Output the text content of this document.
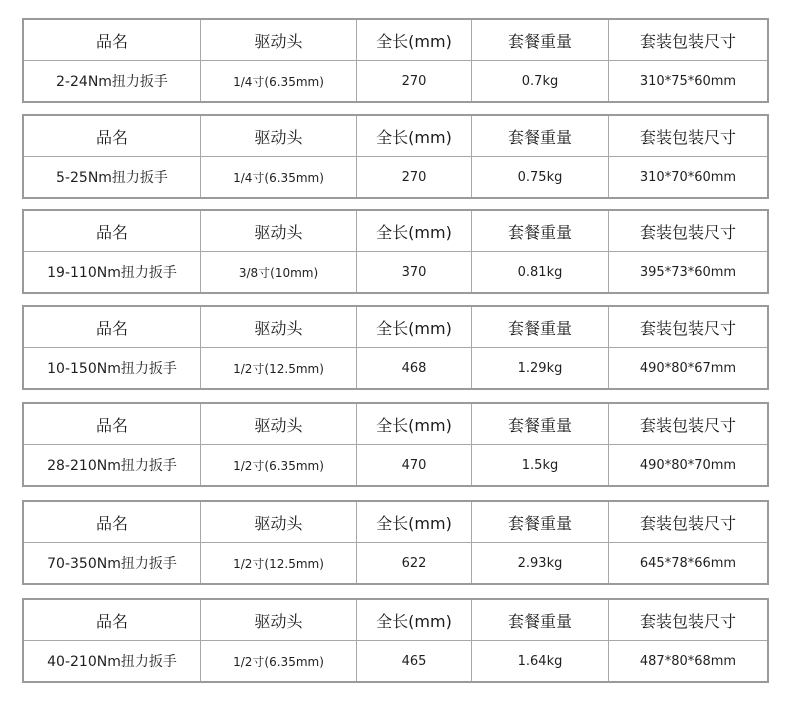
品名	驱动头	全长(mm)	套餐重量	套装包装尺寸
2-24Nm扭力扳手	1/4寸(6.35mm)	270	0.7kg	310*75*60mm
品名	驱动头	全长(mm)	套餐重量	套装包装尺寸
5-25Nm扭力扳手	1/4寸(6.35mm)	270	0.75kg	310*70*60mm
品名	驱动头	全长(mm)	套餐重量	套装包装尺寸
19-110Nm扭力扳手	3/8寸(10mm)	370	0.81kg	395*73*60mm
品名	驱动头	全长(mm)	套餐重量	套装包装尺寸
10-150Nm扭力扳手	1/2寸(12.5mm)	468	1.29kg	490*80*67mm
品名	驱动头	全长(mm)	套餐重量	套装包装尺寸
28-210Nm扭力扳手	1/2寸(6.35mm)	470	1.5kg	490*80*70mm
品名	驱动头	全长(mm)	套餐重量	套装包装尺寸
70-350Nm扭力扳手	1/2寸(12.5mm)	622	2.93kg	645*78*66mm
品名	驱动头	全长(mm)	套餐重量	套装包装尺寸
40-210Nm扭力扳手	1/2寸(6.35mm)	465	1.64kg	487*80*68mm
